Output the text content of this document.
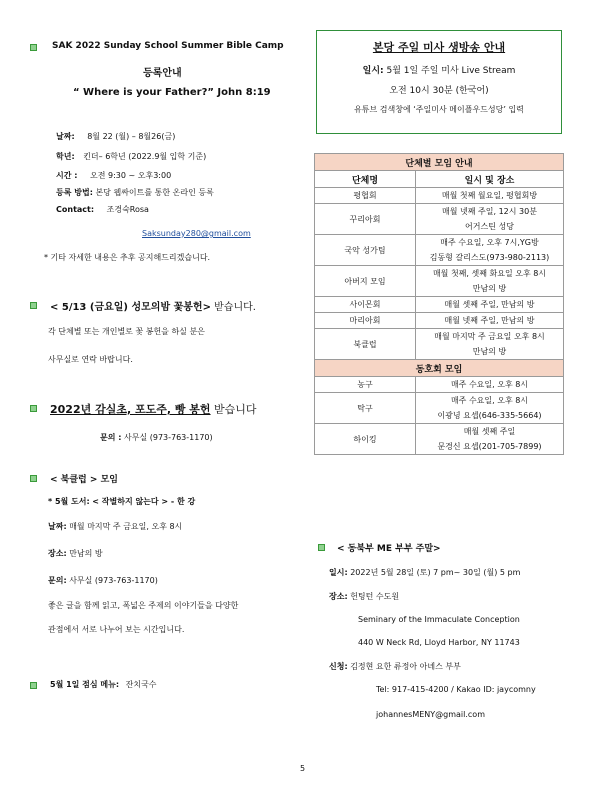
SAK 2022 Sunday School Summer Bible Camp
등록안내
“ Where is your Father?” John 8:19
날짜: 8월 22 (월) – 8월26(금)
학년: 킨더– 6학년 (2022.9월 입학 기준)
시간 : 오전 9:30 ~ 오후3:00
등록 방법: 본당 웹싸이트를 통한 온라인 등록
Contact: 조경숙Rosa
Saksunday280@gmail.com
* 기타 자세한 내용은 추후 공지해드리겠습니다.
< 5/13 (금요일) 성모의밤 꽃봉헌> 받습니다.
각 단체별 또는 개인별로 꽃 봉헌을 하실 분은
사무실로 연락 바랍니다.
2022년 감실초, 포도주, 빵 봉헌 받습니다
문의 : 사무실 (973-763-1170)
< 북클럽 > 모임
* 5월 도서: < 작별하지 않는다 > - 한 강
날짜: 매월 마지막 주 금요일, 오후 8시
장소: 만남의 방
문의: 사무실 (973-763-1170)
좋은 글을 함께 읽고, 폭넓은 주제의 이야기들을 다양한
관점에서 서로 나누어 보는 시간입니다.
5월 1일 점심 메뉴: 잔치국수
본당 주일 미사 생방송 안내
일시: 5월 1일 주일 미사 Live Stream
오전 10시 30분 (한국어)
유튜브 검색창에 ‘주일미사 메이플우드성당’ 입력
단체별 모임 안내	
단체명	일시 및 장소
평협회	매월 첫째 월요일, 평협회방

꾸리아회	매월 넷째 주일, 12시 30분
어거스틴 성당

국악 성가팀	매주 수요일, 오후 7시,YG방
김동형 갈리스도(973-980-2113)

아버지 모임	매월 첫째, 셋째 화요일 오후 8시
만남의 방

사이몬회	매월 셋째 주일, 만남의 방

마리아회	매월 넷째 주일, 만남의 방

북클럽	매월 마지막 주 금요일 오후 8시
만남의 방

동호회 모임	
농구	매주 수요일, 오후 8시

탁구	매주 수요일, 오후 8시
이광녕 요셉(646-335-5664)

하이킹	매월 셋째 주일
문경신 요셉(201-705-7899)
< 동북부 ME 부부 주말>
일시: 2022년 5월 28일 (토) 7 pm~ 30일 (월) 5 pm
장소: 헌팅턴 수도원
Seminary of the Immaculate Conception
440 W Neck Rd, Lloyd Harbor, NY 11743
신청: 김정현 요한 류정아 아녜스 부부
Tel: 917-415-4200 / Kakao ID: jaycomny
johannesMENY@gmail.com
5
